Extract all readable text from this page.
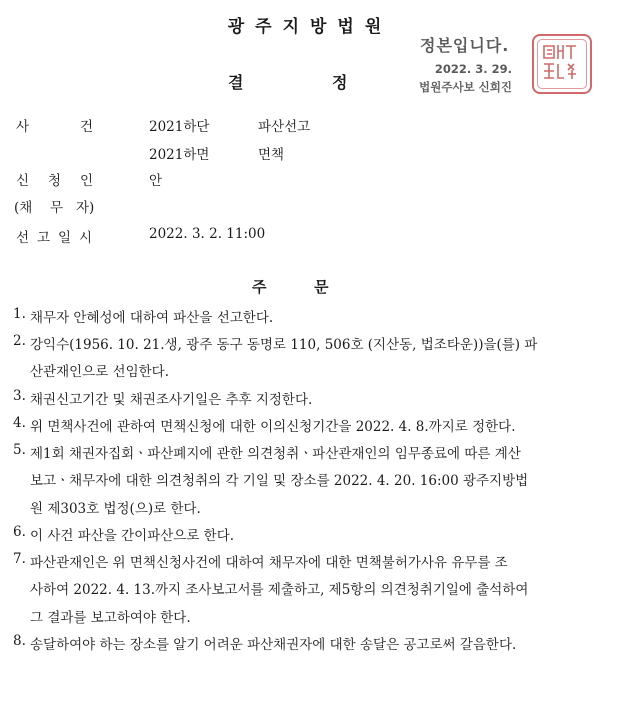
광주지방법원
결	정
정본입니다.
2022. 3. 29.
법원주사보 신희진
사	건	2021하단	파산선고
2021하면	면책
신 청 인	안
(채 무 자)
선 고 일 시	2022. 3. 2. 11:00
주	문
1. 채무자 안혜성에 대하여 파산을 선고한다.
2. 강익수(1956. 10. 21.생, 광주 동구 동명로 110, 506호 (지산동, 법조타운))을(를) 파
산관재인으로 선임한다.
3. 채권신고기간 및 채권조사기일은 추후 지정한다.
4. 위 면책사건에 관하여 면책신청에 대한 이의신청기간을 2022. 4. 8.까지로 정한다.
5. 제1회 채권자집회ㆍ파산폐지에 관한 의견청취ㆍ파산관재인의 임무종료에 따른 계산
보고ㆍ채무자에 대한 의견청취의 각 기일 및 장소를 2022. 4. 20. 16:00 광주지방법
원 제303호 법정(으)로 한다.
6. 이 사건 파산을 간이파산으로 한다.
7. 파산관재인은 위 면책신청사건에 대하여 채무자에 대한 면책불허가사유 유무를 조
사하여 2022. 4. 13.까지 조사보고서를 제출하고, 제5항의 의견청취기일에 출석하여
그 결과를 보고하여야 한다.
8. 송달하여야 하는 장소를 알기 어려운 파산채권자에 대한 송달은 공고로써 갈음한다.
